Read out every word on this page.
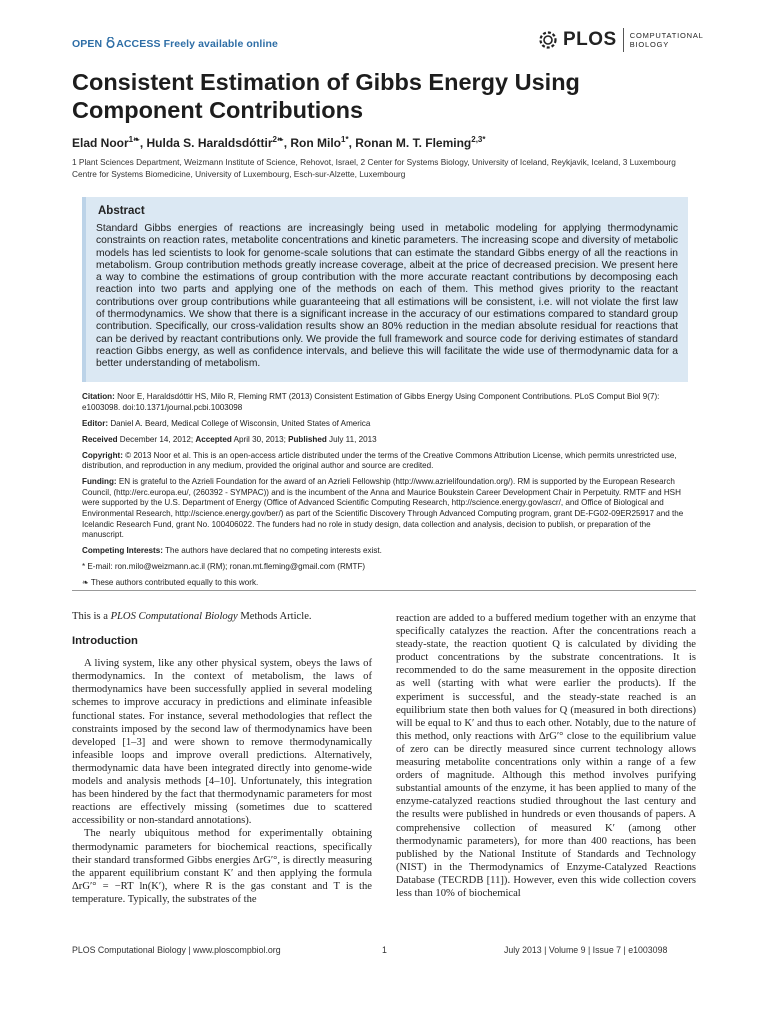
OPEN ACCESS Freely available online	PLOS COMPUTATIONAL
BIOLOGY
Consistent Estimation of Gibbs Energy Using Component Contributions
Elad Noor$^{1❧}$, Hulda S. Haraldsdóttir$^{2❧}$, Ron Milo$^{1*}$, Ronan M. T. Fleming$^{2,3*}$
1 Plant Sciences Department, Weizmann Institute of Science, Rehovot, Israel, 2 Center for Systems Biology, University of Iceland, Reykjavik, Iceland, 3 Luxembourg Centre for Systems Biomedicine, University of Luxembourg, Esch-sur-Alzette, Luxembourg
Abstract

Standard Gibbs energies of reactions are increasingly being used in metabolic modeling for applying thermodynamic constraints on reaction rates, metabolite concentrations and kinetic parameters. The increasing scope and diversity of metabolic models has led scientists to look for genome-scale solutions that can estimate the standard Gibbs energy of all the reactions in metabolism. Group contribution methods greatly increase coverage, albeit at the price of decreased precision. We present here a way to combine the estimations of group contribution with the more accurate reactant contributions by decomposing each reaction into two parts and applying one of the methods on each of them. This method gives priority to the reactant contributions over group contributions while guaranteeing that all estimations will be consistent, i.e. will not violate the first law of thermodynamics. We show that there is a significant increase in the accuracy of our estimations compared to standard group contribution. Specifically, our cross-validation results show an 80% reduction in the median absolute residual for reactions that can be derived by reactant contributions only. We provide the full framework and source code for deriving estimates of standard reaction Gibbs energy, as well as confidence intervals, and believe this will facilitate the wide use of thermodynamic data for a better understanding of metabolism.

Citation: Noor E, Haraldsdóttir HS, Milo R, Fleming RMT (2013) Consistent Estimation of Gibbs Energy Using Component Contributions. PLoS Comput Biol 9(7): e1003098. doi:10.1371/journal.pcbi.1003098
Editor: Daniel A. Beard, Medical College of Wisconsin, United States of America
Received December 14, 2012; Accepted April 30, 2013; Published July 11, 2013
Copyright: © 2013 Noor et al. This is an open-access article distributed under the terms of the Creative Commons Attribution License, which permits unrestricted use, distribution, and reproduction in any medium, provided the original author and source are credited.
Funding: EN is grateful to the Azrieli Foundation for the award of an Azrieli Fellowship (http://www.azrielifoundation.org/). RM is supported by the European Research Council, (http://erc.europa.eu/, (260392 - SYMPAC)) and is the incumbent of the Anna and Maurice Boukstein Career Development Chair in Perpetuity. RMTF and HSH were supported by the U.S. Department of Energy (Office of Advanced Scientific Computing Research, http://science.energy.gov/ascr/, and Office of Biological and Environmental Research, http://science.energy.gov/ber/) as part of the Scientific Discovery Through Advanced Computing program, grant DE-FG02-09ER25917 and the Icelandic Research Fund, grant No. 100406022. The funders had no role in study design, data collection and analysis, decision to publish, or preparation of the manuscript.
Competing Interests: The authors have declared that no competing interests exist.
* E-mail: ron.milo@weizmann.ac.il (RM); ronan.mt.fleming@gmail.com (RMTF)
❧ These authors contributed equally to this work.

This is a PLOS Computational Biology Methods Article.

Introduction

A living system, like any other physical system, obeys the laws of thermodynamics. In the context of metabolism, the laws of thermodynamics have been successfully applied in several modeling schemes to improve accuracy in predictions and eliminate infeasible functional states. For instance, several methodologies that reflect the constraints imposed by the second law of thermodynamics have been developed [1–3] and were shown to remove thermodynamically infeasible loops and improve overall predictions. Alternatively, thermodynamic data have been integrated directly into genome-wide models and analysis methods [4–10]. Unfortunately, this integration has been hindered by the fact that thermodynamic parameters for most reactions are effectively missing (sometimes due to scattered accessibility or non-standard annotations).

The nearly ubiquitous method for experimentally obtaining thermodynamic parameters for biochemical reactions, specifically their standard transformed Gibbs energies ΔrG′°, is directly measuring the apparent equilibrium constant K′ and then applying the formula ΔrG′° = −RT ln(K′), where R is the gas constant and T is the temperature. Typically, the substrates of the

reaction are added to a buffered medium together with an enzyme that specifically catalyzes the reaction. After the concentrations reach a steady-state, the reaction quotient Q is calculated by dividing the product concentrations by the substrate concentrations. It is recommended to do the same measurement in the opposite direction as well (starting with what were earlier the products). If the experiment is successful, and the steady-state reached is an equilibrium state then both values for Q (measured in both directions) will be equal to K′ and thus to each other. Notably, due to the nature of this method, only reactions with ΔrG′° close to the equilibrium value of zero can be directly measured since current technology allows measuring metabolite concentrations only within a range of a few orders of magnitude. Although this method involves purifying substantial amounts of the enzyme, it has been applied to many of the enzyme-catalyzed reactions studied throughout the last century and the results were published in hundreds or even thousands of papers. A comprehensive collection of measured K′ (among other thermodynamic parameters), for more than 400 reactions, has been published by the National Institute of Standards and Technology (NIST) in the Thermodynamics of Enzyme-Catalyzed Reactions Database (TECRDB [11]). However, even this wide collection covers less than 10% of biochemical

PLOS Computational Biology | www.ploscompbiol.org	1	July 2013 | Volume 9 | Issue 7 | e1003098
